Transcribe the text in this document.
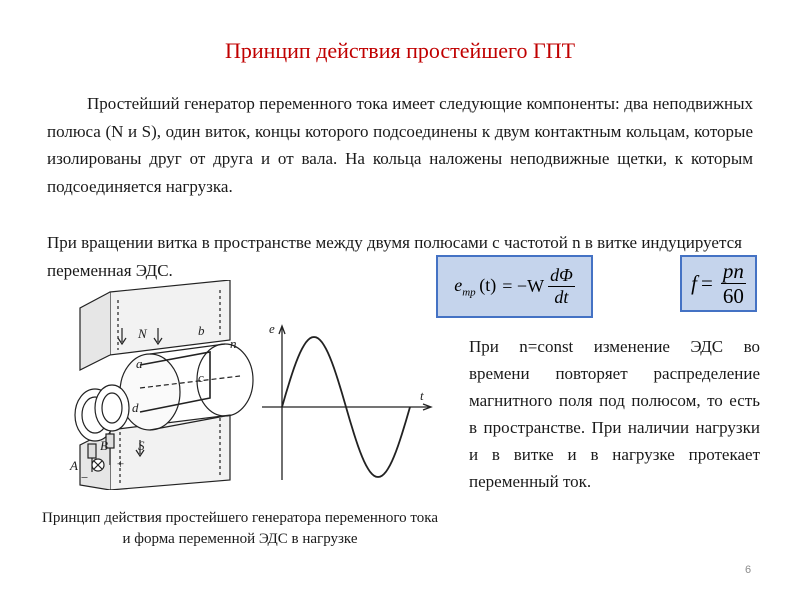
Принцип действия простейшего ГПТ

Простейший генератор переменного тока имеет следующие компоненты: два неподвижных полюса (N и S), один виток, концы которого подсоединены к двум контактным кольцам, которые изолированы друг от друга и от вала. На кольца наложены неподвижные щетки, к которым подсоединяется нагрузка.

При вращении витка в пространстве между двумя полюсами с частотой n в витке индуцируется переменная ЭДС.

$e_{тр}$  $(t) = -W \frac{d\Phi}{dt}$	$f = \frac{pn}{60}$
N
S
a
b
c
d
n
A
B
+
−
e
t
Принцип действия простейшего генератора переменного тока и форма переменной ЭДС в нагрузке

При n=const изменение ЭДС во времени повторяет распределение магнитного поля под полюсом, то есть в пространстве. При наличии нагрузки и в витке и в нагрузке протекает переменный ток.

6
